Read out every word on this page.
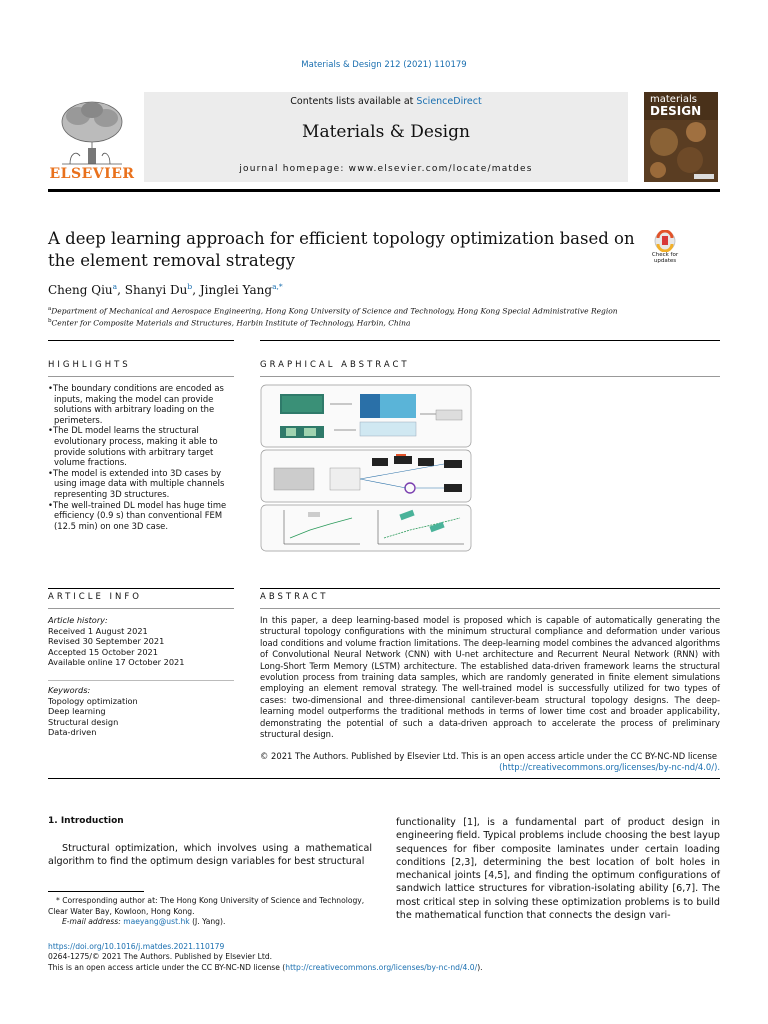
Materials & Design 212 (2021) 110179
ELSEVIER
Contents lists available at ScienceDirect
Materials & Design
journal homepage: www.elsevier.com/locate/matdes
materials
DESIGN
A deep learning approach for efficient topology optimization based on the element removal strategy	Check for updates
Cheng Qiu$^a$, Shanyi Du$^b$, Jinglei Yang$^{a,*}$
$^a$Department of Mechanical and Aerospace Engineering, Hong Kong University of Science and Technology, Hong Kong Special Administrative Region
$^b$Center for Composite Materials and Structures, Harbin Institute of Technology, Harbin, China
HIGHLIGHTS
• The boundary conditions are encoded as inputs, making the model can provide solutions with arbitrary loading on the perimeters.
• The DL model learns the structural evolutionary process, making it able to provide solutions with arbitrary target volume fractions.
• The model is extended into 3D cases by using image data with multiple channels representing 3D structures.
• The well-trained DL model has huge time efficiency (0.9 s) than conventional FEM (12.5 min) on one 3D case.
GRAPHICAL ABSTRACT
ARTICLE INFO
Article history:
Received 1 August 2021
Revised 30 September 2021
Accepted 15 October 2021
Available online 17 October 2021
Keywords:
Topology optimization
Deep learning
Structural design
Data-driven
ABSTRACT
In this paper, a deep learning-based model is proposed which is capable of automatically generating the structural topology configurations with the minimum structural compliance and deformation under various load conditions and volume fraction limitations. The deep-learning model combines the advanced algorithms of Convolutional Neural Network (CNN) with U-net architecture and Recurrent Neural Network (RNN) with Long-Short Term Memory (LSTM) architecture. The established data-driven framework learns the structural evolution process from training data samples, which are randomly generated in finite element simulations employing an element removal strategy. The well-trained model is successfully utilized for two types of cases: two-dimensional and three-dimensional cantilever-beam structural topology designs. The deep-learning model outperforms the traditional methods in terms of lower time cost and broader applicability, demonstrating the potential of such a data-driven approach to accelerate the process of preliminary structural design.
© 2021 The Authors. Published by Elsevier Ltd. This is an open access article under the CC BY-NC-ND license
(http://creativecommons.org/licenses/by-nc-nd/4.0/).
1. Introduction
Structural optimization, which involves using a mathematical algorithm to find the optimum design variables for best structural
functionality [1], is a fundamental part of product design in engineering field. Typical problems include choosing the best layup sequences for fiber composite laminates under certain loading conditions [2,3], determining the best location of bolt holes in mechanical joints [4,5], and finding the optimum configurations of sandwich lattice structures for vibration-isolating ability [6,7]. The most critical step in solving these optimization problems is to build the mathematical function that connects the design vari-
* Corresponding author at: The Hong Kong University of Science and Technology, Clear Water Bay, Kowloon, Hong Kong.
E-mail address: maeyang@ust.hk (J. Yang).
https://doi.org/10.1016/j.matdes.2021.110179
0264-1275/© 2021 The Authors. Published by Elsevier Ltd.
This is an open access article under the CC BY-NC-ND license (http://creativecommons.org/licenses/by-nc-nd/4.0/).
